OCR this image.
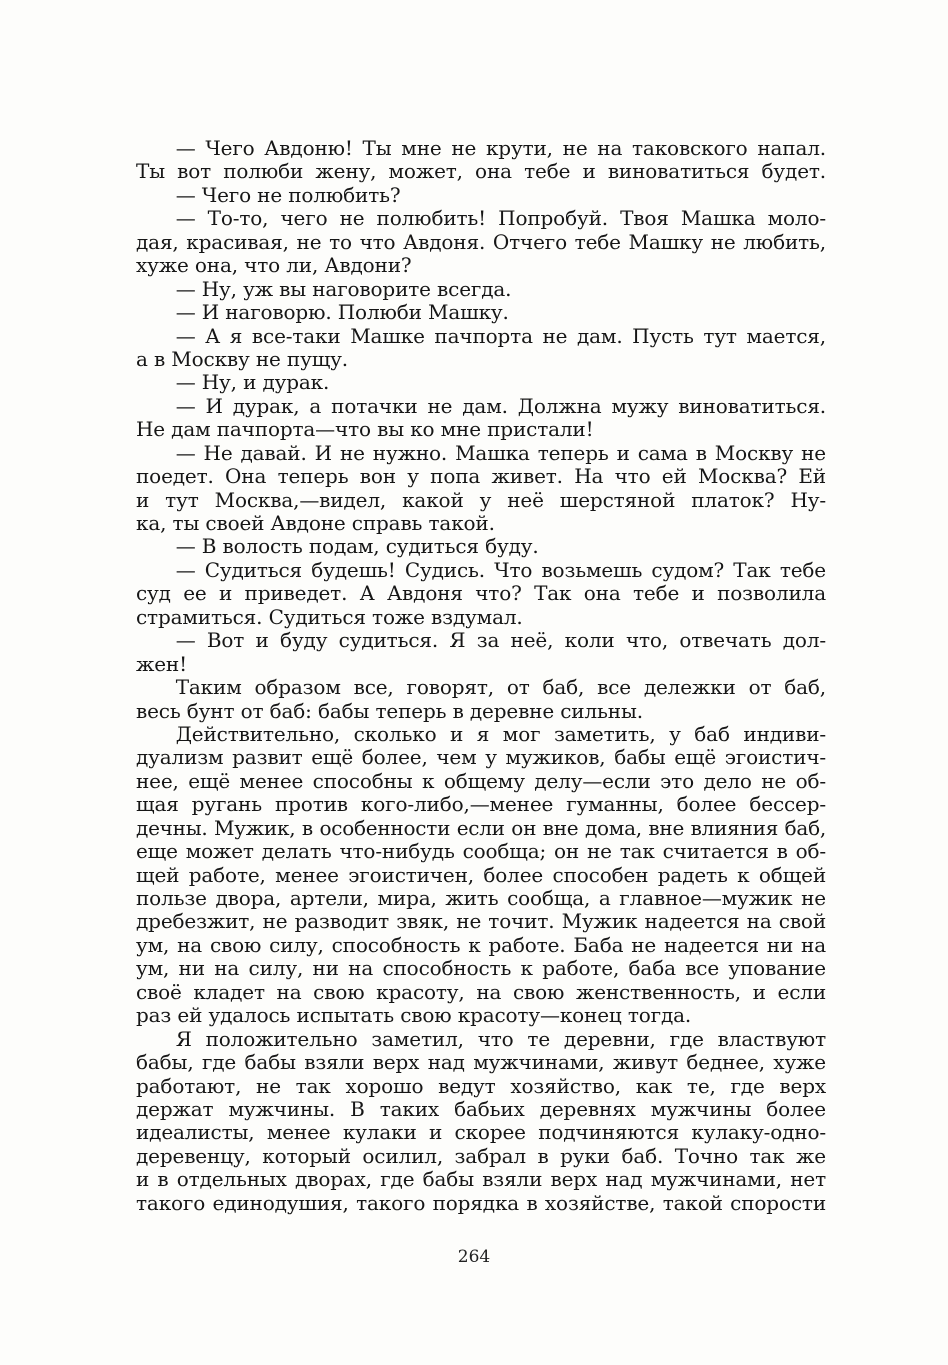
  — Чего Авдоню! Ты мне не крути, не на таковского напал.
Ты вот полюби жену, может, она тебе и виноватиться будет.
  — Чего не полюбить?
  — То-то, чего не полюбить! Попробуй. Твоя Машка моло-
дая, красивая, не то что Авдоня. Отчего тебе Машку не любить,
хуже она, что ли, Авдони?
  — Ну, уж вы наговорите всегда.
  — И наговорю. Полюби Машку.
  — А я все-таки Машке пачпорта не дам. Пусть тут мается,
а в Москву не пущу.
  — Ну, и дурак.
  — И дурак, а потачки не дам. Должна мужу виноватиться.
Не дам пачпорта—что вы ко мне пристали!
  — Не давай. И не нужно. Машка теперь и сама в Москву не
поедет. Она теперь вон у попа живет. На что ей Москва? Ей
и тут Москва,—видел, какой у неё шерстяной платок? Ну-
ка, ты своей Авдоне справь такой.
  — В волость подам, судиться буду.
  — Судиться будешь! Судись. Что возьмешь судом? Так тебе
суд ее и приведет. А Авдоня что? Так она тебе и позволила
страмиться. Судиться тоже вздумал.
  — Вот и буду судиться. Я за неё, коли что, отвечать дол-
жен!
  Таким образом все, говорят, от баб, все дележки от баб,
весь бунт от баб: бабы теперь в деревне сильны.
  Действительно, сколько и я мог заметить, у баб индиви-
дуализм развит ещё более, чем у мужиков, бабы ещё эгоистич-
нее, ещё менее способны к общему делу—если это дело не об-
щая ругань против кого-либо,—менее гуманны, более бессер-
дечны. Мужик, в особенности если он вне дома, вне влияния баб,
еще может делать что-нибудь сообща; он не так считается в об-
щей работе, менее эгоистичен, более способен радеть к общей
пользе двора, артели, мира, жить сообща, а главное—мужик не
дребезжит, не разводит звяк, не точит. Мужик надеется на свой
ум, на свою силу, способность к работе. Баба не надеется ни на
ум, ни на силу, ни на способность к работе, баба все упование
своё кладет на свою красоту, на свою женственность, и если
раз ей удалось испытать свою красоту—конец тогда.
  Я положительно заметил, что те деревни, где властвуют
бабы, где бабы взяли верх над мужчинами, живут беднее, хуже
работают, не так хорошо ведут хозяйство, как те, где верх
держат мужчины. В таких бабьих деревнях мужчины более
идеалисты, менее кулаки и скорее подчиняются кулаку-одно-
деревенцу, который осилил, забрал в руки баб. Точно так же
и в отдельных дворах, где бабы взяли верх над мужчинами, нет
такого единодушия, такого порядка в хозяйстве, такой спорости
264
